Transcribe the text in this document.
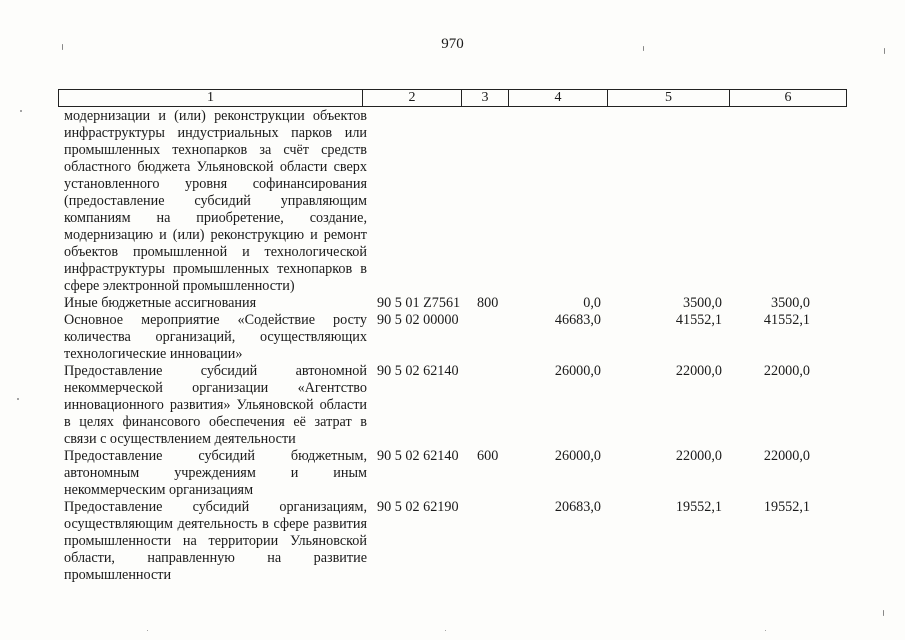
970
1	2	3	4	5	6
модернизации и (или) реконструкции объектов инфраструктуры индустриальных парков или промышленных технопарков за счёт средств областного бюджета Ульяновской области сверх установленного уровня софинансирования (предоставление субсидий управляющим компаниям на приобретение, создание, модернизацию и (или) реконструкцию и ремонт объектов промышленной и технологической инфраструктуры промышленных технопарков в сфере электронной промышленности)					
Иные бюджетные ассигнования	90 5 01 Z7561	800	0,0	3500,0	3500,0
Основное мероприятие «Содействие росту количества организаций, осуществляющих технологические инновации»	90 5 02 00000		46683,0	41552,1	41552,1
Предоставление субсидий автономной некоммерческой организации «Агентство инновационного развития» Ульяновской области в целях финансового обеспечения её затрат в связи с осуществлением деятельности	90 5 02 62140		26000,0	22000,0	22000,0
Предоставление субсидий бюджетным, автономным учреждениям и иным некоммерческим организациям	90 5 02 62140	600	26000,0	22000,0	22000,0
Предоставление субсидий организациям, осуществляющим деятельность в сфере развития промышленности на территории Ульяновской области, направленную на развитие промышленности	90 5 02 62190		20683,0	19552,1	19552,1
